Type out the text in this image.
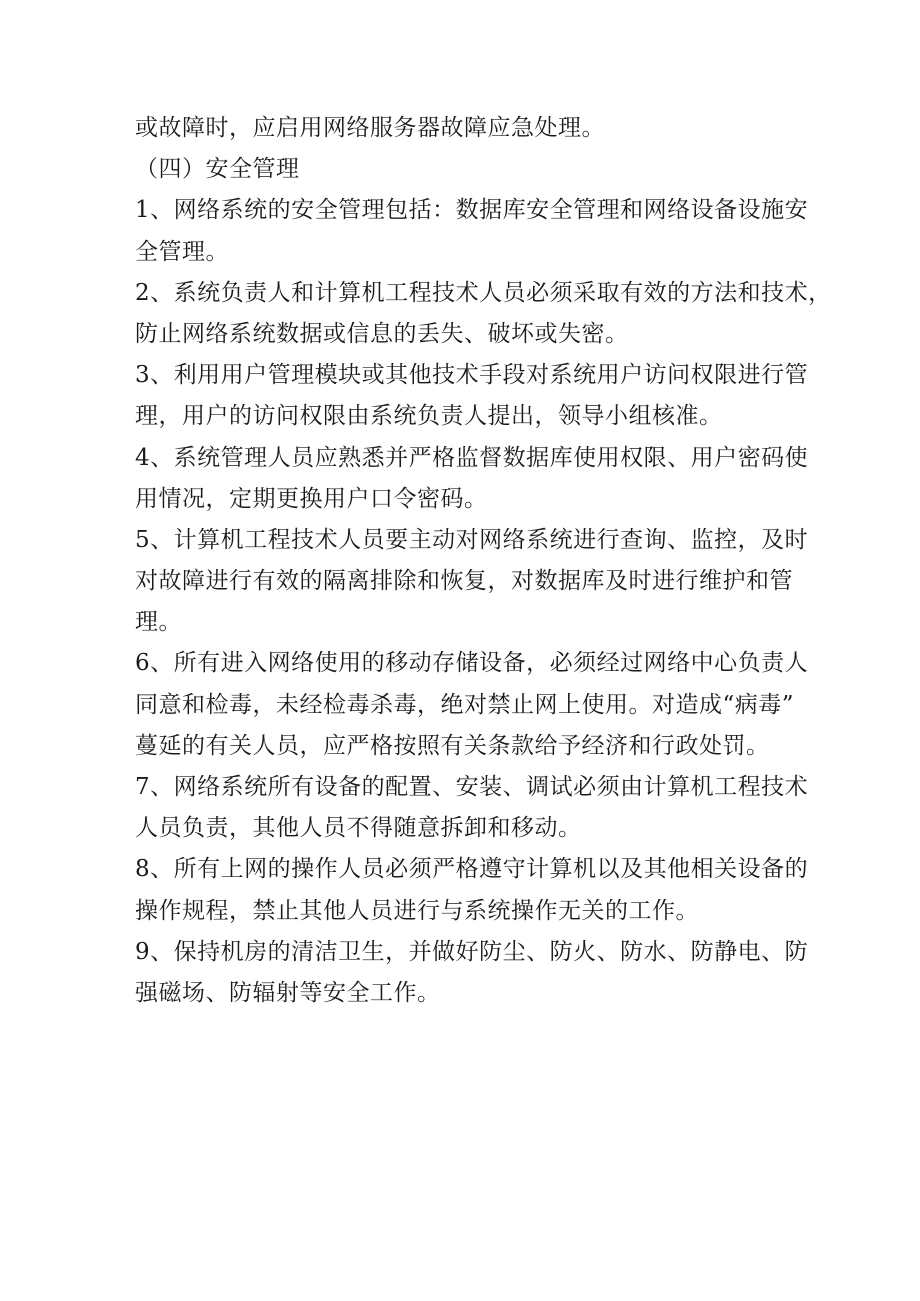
或故障时，应启用网络服务器故障应急处理。
（四）安全管理
1、网络系统的安全管理包括：数据库安全管理和网络设备设施安
全管理。
2、系统负责人和计算机工程技术人员必须采取有效的方法和技术，
防止网络系统数据或信息的丢失、破坏或失密。
3、利用用户管理模块或其他技术手段对系统用户访问权限进行管
理，用户的访问权限由系统负责人提出，领导小组核准。
4、系统管理人员应熟悉并严格监督数据库使用权限、用户密码使
用情况，定期更换用户口令密码。
5、计算机工程技术人员要主动对网络系统进行查询、监控，及时
对故障进行有效的隔离排除和恢复，对数据库及时进行维护和管
理。
6、所有进入网络使用的移动存储设备，必须经过网络中心负责人
同意和检毒，未经检毒杀毒，绝对禁止网上使用。对造成“病毒”
蔓延的有关人员，应严格按照有关条款给予经济和行政处罚。
7、网络系统所有设备的配置、安装、调试必须由计算机工程技术
人员负责，其他人员不得随意拆卸和移动。
8、所有上网的操作人员必须严格遵守计算机以及其他相关设备的
操作规程，禁止其他人员进行与系统操作无关的工作。
9、保持机房的清洁卫生，并做好防尘、防火、防水、防静电、防
强磁场、防辐射等安全工作。
